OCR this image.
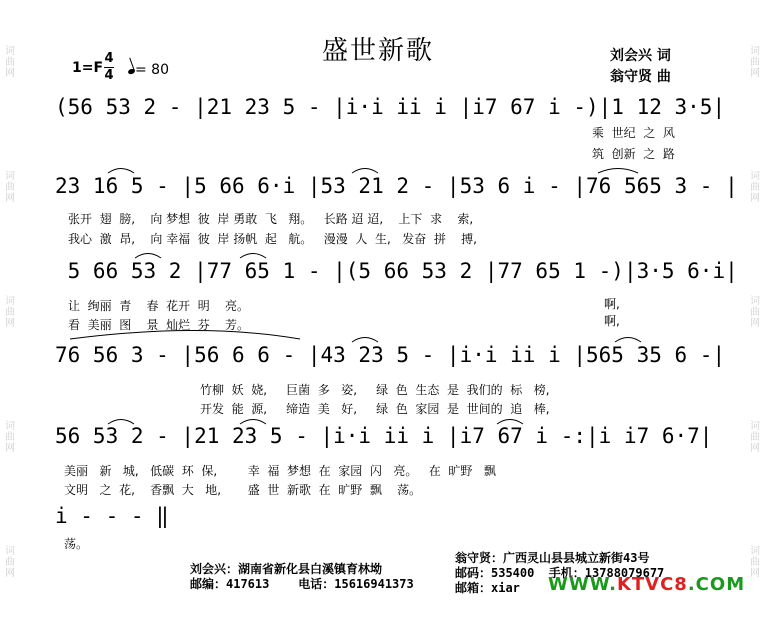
词
曲
网
词
曲
网
词
曲
网
词
曲
网
词
曲
网
词
曲
网
词
曲
网
词
曲
网
词
曲
网
词
曲
网
盛世新歌	刘会兴 词
翁守贤 曲
1=F
4
4	= 80
(56 53 2 - |21 23 5 - |i·i ii i |i7 67 i -)|1 12 3·5|
乘  世纪  之  风
筑  创新  之  路
23 16 5 - |5 66 6·i |53 21 2 - |53 6 i - |76 565 3 - |
张开  翅  膀,    向 梦想  彼  岸 勇敢  飞   翔。   长路 迢 迢,    上下  求    索,
我心  激  昂,    向 幸福  彼  岸 扬帆  起   航。   漫漫  人  生,   发奋  拼    搏,
5 66 53 2 |77 65 1 - |(5 66 53 2 |77 65 1 -)|3·5 6·i|
让  绚丽  青    春  花开  明    亮。
看  美丽  图    景  灿烂  芬    芳。
啊,
啊,
76 56 3 - |56 6 6 - |43 23 5 - |i·i ii i |565 35 6 -|
竹柳  妖  娆,     巨菌  多   姿,     绿  色  生态  是  我们的  标   榜,
开发  能  源,     缔造  美   好,     绿  色  家园  是  世间的  追   棒,
56 53 2 - |21 23 5 - |i·i ii i |i7 67 i -:|i i7 6·7|
美丽   新   城,   低碳  环  保,        幸  福  梦想  在  家园  闪   亮。   在  旷野   飘
文明   之  花,    香飘  大   地,       盛  世  新歌  在  旷野  飘    荡。
i - - - ‖
荡。
刘会兴：湖南省新化县白溪镇育林坳
邮编：417613    电话：15616941373
翁守贤：广西灵山县县城立新街43号
邮码：535400  手机：13788079677
邮箱：xiar WWW.KTVC8.COM
